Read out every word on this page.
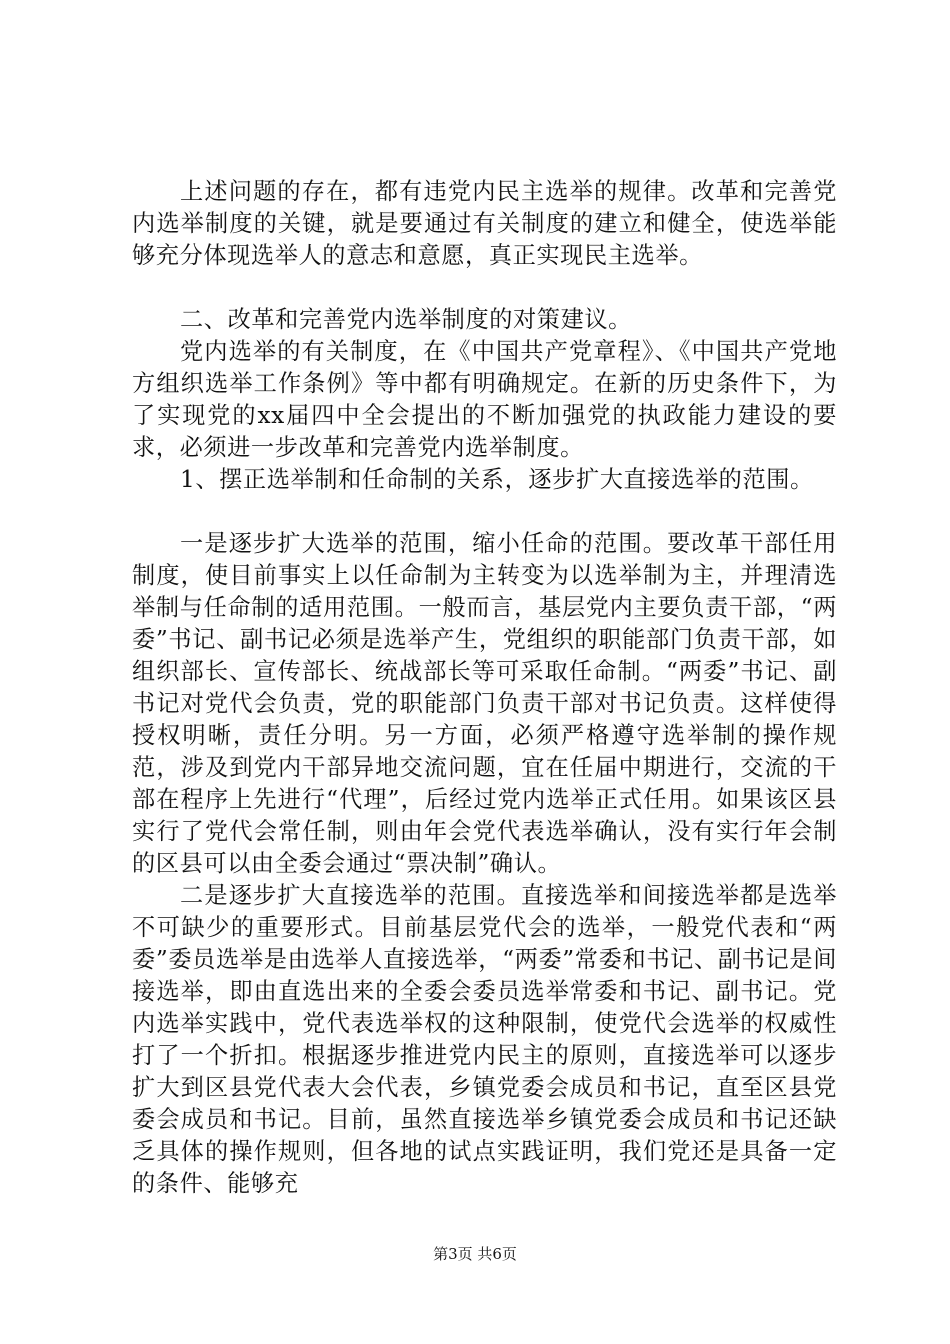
上述问题的存在，都有违党内民主选举的规律。改革和完善党内选举制度的关键，就是要通过有关制度的建立和健全，使选举能够充分体现选举人的意志和意愿，真正实现民主选举。

二、改革和完善党内选举制度的对策建议。

党内选举的有关制度，在《中国共产党章程》、《中国共产党地方组织选举工作条例》等中都有明确规定。在新的历史条件下，为了实现党的xx届四中全会提出的不断加强党的执政能力建设的要求，必须进一步改革和完善党内选举制度。

1、摆正选举制和任命制的关系，逐步扩大直接选举的范围。

一是逐步扩大选举的范围，缩小任命的范围。要改革干部任用制度，使目前事实上以任命制为主转变为以选举制为主，并理清选举制与任命制的适用范围。一般而言，基层党内主要负责干部，“两委”书记、副书记必须是选举产生，党组织的职能部门负责干部，如组织部长、宣传部长、统战部长等可采取任命制。“两委”书记、副书记对党代会负责，党的职能部门负责干部对书记负责。这样使得授权明晰，责任分明。另一方面，必须严格遵守选举制的操作规范，涉及到党内干部异地交流问题，宜在任届中期进行，交流的干部在程序上先进行“代理”，后经过党内选举正式任用。如果该区县实行了党代会常任制，则由年会党代表选举确认，没有实行年会制的区县可以由全委会通过“票决制”确认。

二是逐步扩大直接选举的范围。直接选举和间接选举都是选举不可缺少的重要形式。目前基层党代会的选举，一般党代表和“两委”委员选举是由选举人直接选举，“两委”常委和书记、副书记是间接选举，即由直选出来的全委会委员选举常委和书记、副书记。党内选举实践中，党代表选举权的这种限制，使党代会选举的权威性打了一个折扣。根据逐步推进党内民主的原则，直接选举可以逐步扩大到区县党代表大会代表，乡镇党委会成员和书记，直至区县党委会成员和书记。目前，虽然直接选举乡镇党委会成员和书记还缺乏具体的操作规则，但各地的试点实践证明，我们党还是具备一定的条件、能够充

第3页 共6页
